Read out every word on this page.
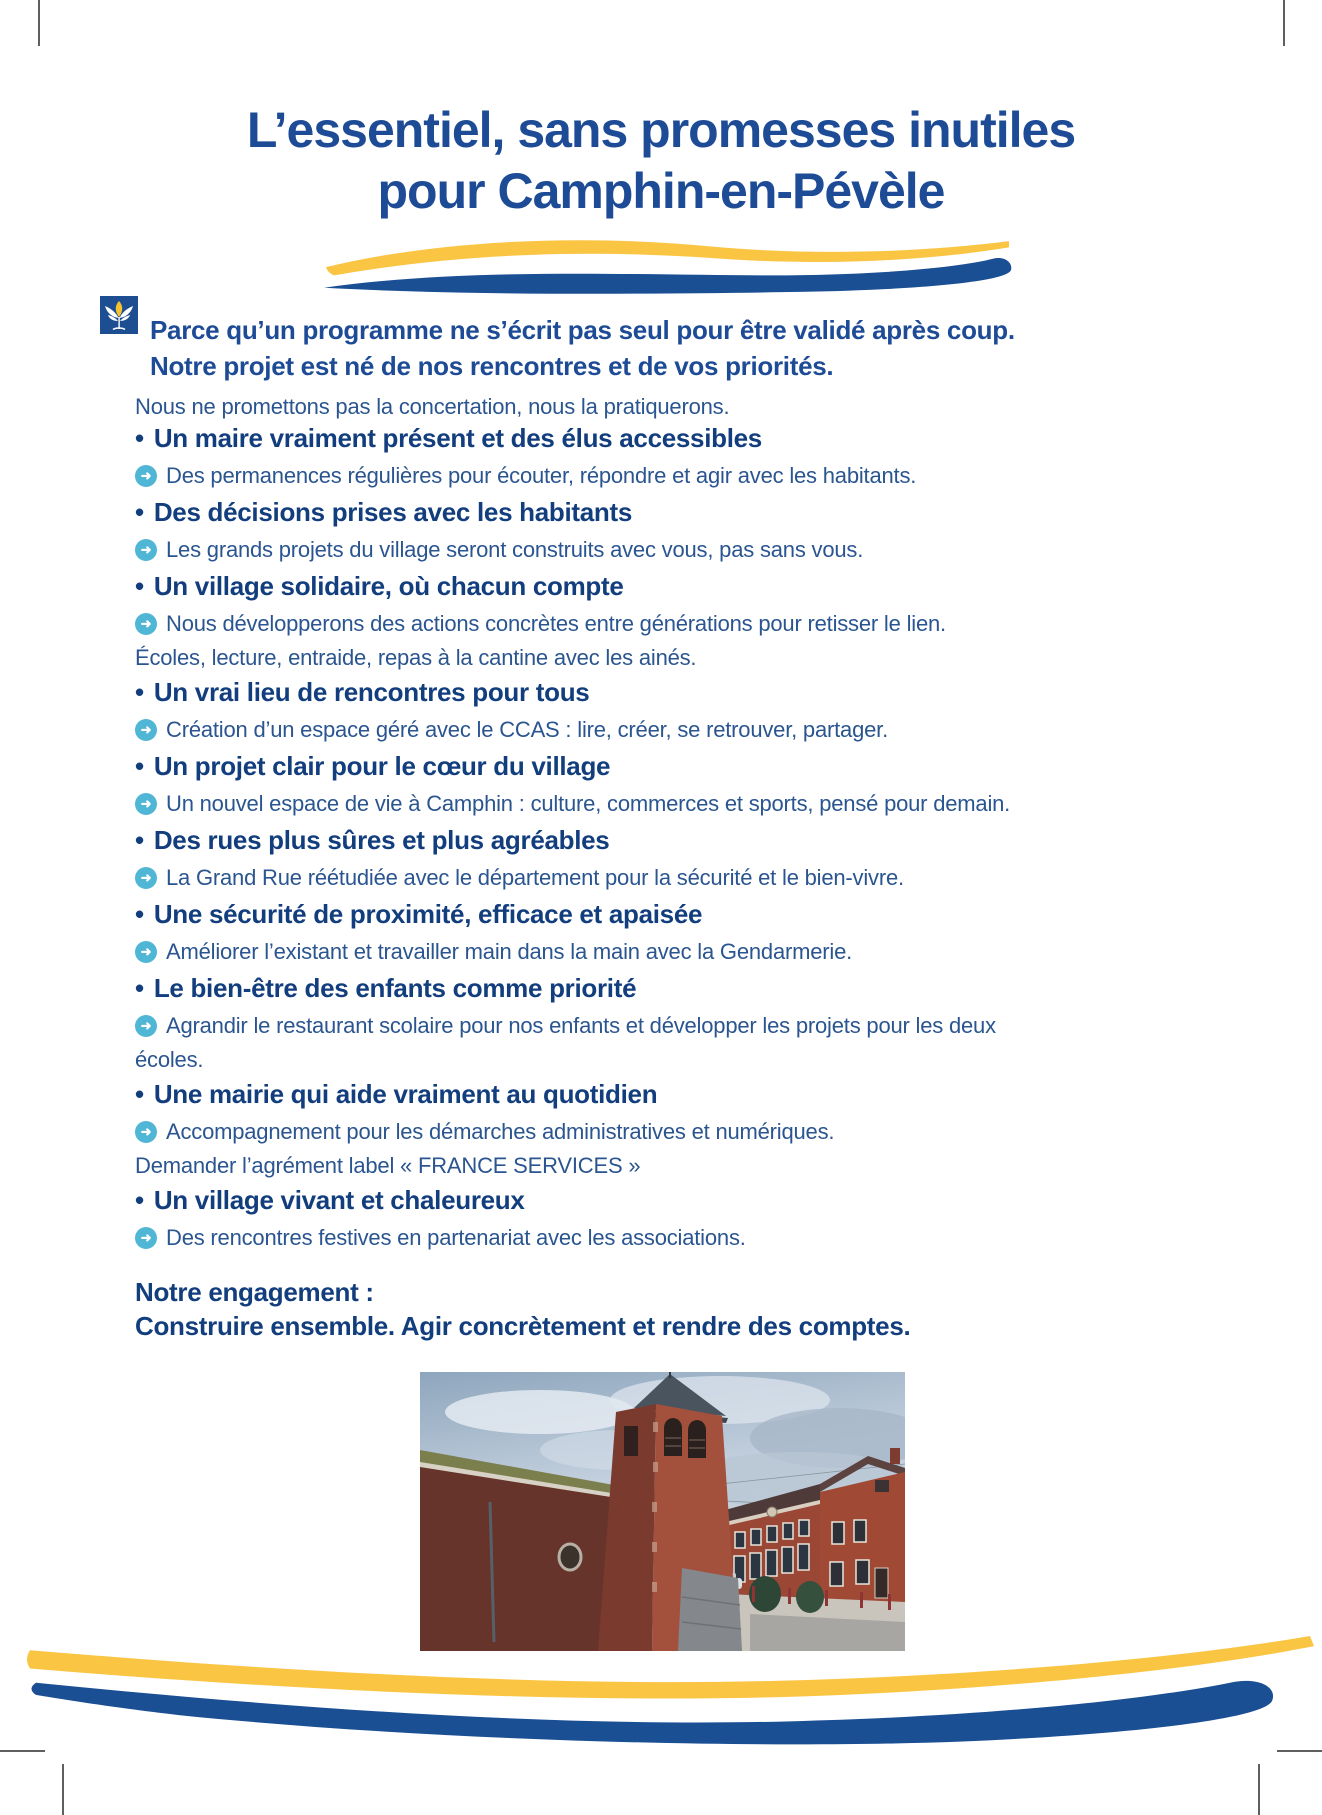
L’essentiel, sans promesses inutiles
pour Camphin-en-Pévèle
Parce qu’un programme ne s’écrit pas seul pour être validé après coup.
Notre projet est né de nos rencontres et de vos priorités.
Nous ne promettons pas la concertation, nous la pratiquerons.
• Un maire vraiment présent et des élus accessibles
➜ Des permanences régulières pour écouter, répondre et agir avec les habitants.
• Des décisions prises avec les habitants
➜ Les grands projets du village seront construits avec vous, pas sans vous.
• Un village solidaire, où chacun compte
➜ Nous développerons des actions concrètes entre générations pour retisser le lien.
Écoles, lecture, entraide, repas à la cantine avec les ainés.
• Un vrai lieu de rencontres pour tous
➜ Création d’un espace géré avec le CCAS : lire, créer, se retrouver, partager.
• Un projet clair pour le cœur du village
➜ Un nouvel espace de vie à Camphin : culture, commerces et sports, pensé pour demain.
• Des rues plus sûres et plus agréables
➜ La Grand Rue réétudiée avec le département pour la sécurité et le bien-vivre.
• Une sécurité de proximité, efficace et apaisée
➜ Améliorer l’existant et travailler main dans la main avec la Gendarmerie.
• Le bien-être des enfants comme priorité
➜ Agrandir le restaurant scolaire pour nos enfants et développer les projets pour les deux
écoles.
• Une mairie qui aide vraiment au quotidien
➜ Accompagnement pour les démarches administratives et numériques.
Demander l’agrément label « FRANCE SERVICES »
• Un village vivant et chaleureux
➜ Des rencontres festives en partenariat avec les associations.
Notre engagement :
Construire ensemble. Agir concrètement et rendre des comptes.
